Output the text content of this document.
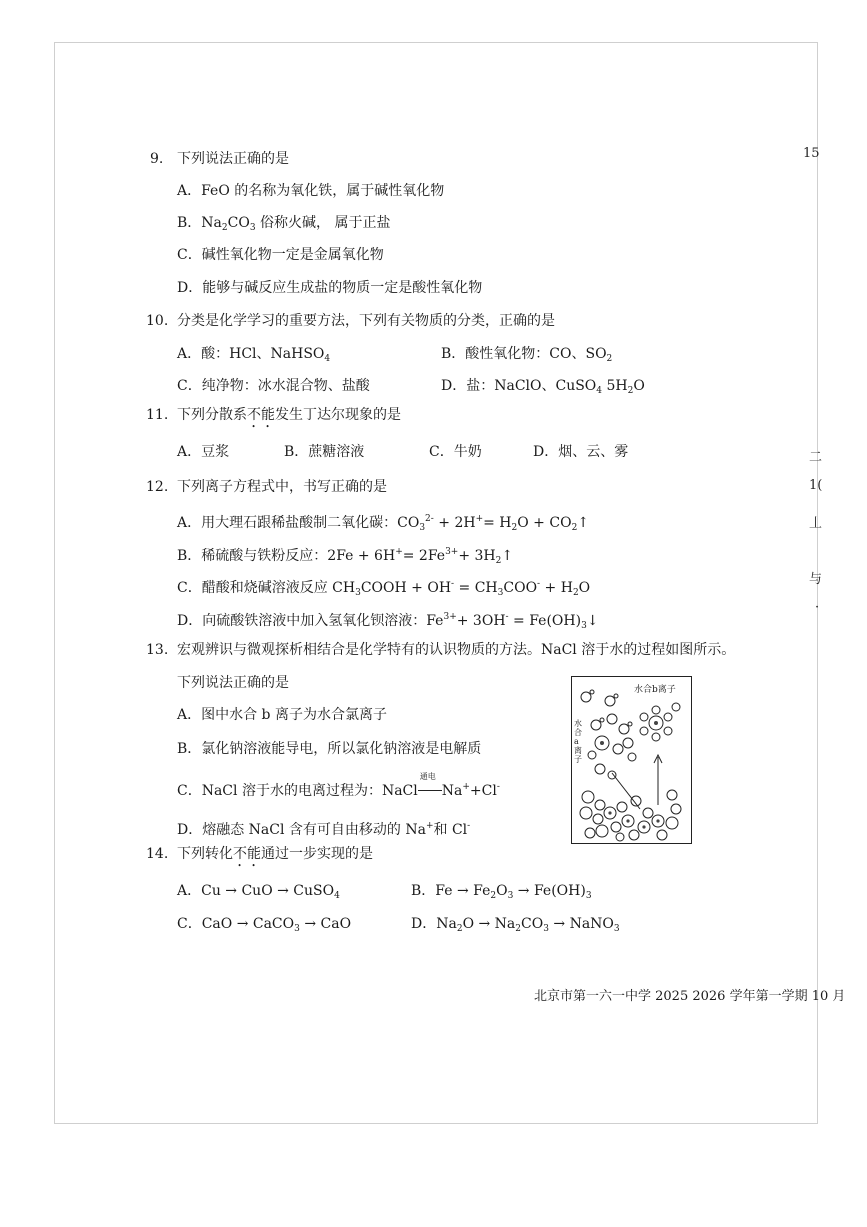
15
二
1(
丄
与
·
9. 下列说法正确的是
A．FeO 的名称为氧化铁，属于碱性氧化物
B．$Na_2CO_3$ 俗称火碱， 属于正盐
C．碱性氧化物一定是金属氧化物
D．能够与碱反应生成盐的物质一定是酸性氧化物
10. 分类是化学学习的重要方法，下列有关物质的分类，正确的是
A．酸：HCl、NaHSO$_4$	B．酸性氧化物：CO、$SO_2$
C．纯净物：冰水混合物、盐酸	D．盐：NaClO、CuSO$_4$ $5H_2O$
11. 下列分散系不能发生丁达尔现象的是
A．豆浆	B．蔗糖溶液	C．牛奶	D．烟、云、雾
12. 下列离子方程式中，书写正确的是
A．用大理石跟稀盐酸制二氧化碳：$CO_3^{2-} + 2H^+= H_2O$ + $CO_2↑$
B．稀硫酸与铁粉反应：$2Fe + 6H^+= 2Fe^{3+}+$ $3H_2↑$
C．醋酸和烧碱溶液反应 $CH_3COOH + OH^- = CH_3COO^- + H_2O$
D．向硫酸铁溶液中加入氢氧化钡溶液：$Fe^{3+}+ 3OH^-$ = $Fe(OH)_3↓$
13. 宏观辨识与微观探析相结合是化学特有的认识物质的方法。NaCl 溶于水的过程如图所示。
下列说法正确的是
A．图中水合 b 离子为水合氯离子
B．氯化钠溶液能导电，所以氯化钠溶液是电解质
C．NaCl 溶于水的电离过程为：NaCl
通电
Na++Cl-
D．熔融态 NaCl 含有可自由移动的 Na+和 Cl-
水合b离子
水合a离子
14. 下列转化不能通过一步实现的是
A．Cu → CuO → CuSO$_4$	B．$Fe \to Fe_2O_3 \to Fe(OH)_3$
C．CaO → CaCO$_3$ → CaO	D．$Na_2O \to Na_2CO_3$ → NaNO$_3$
北京市第一六一中学 2025 2026 学年第一学期 10 月
